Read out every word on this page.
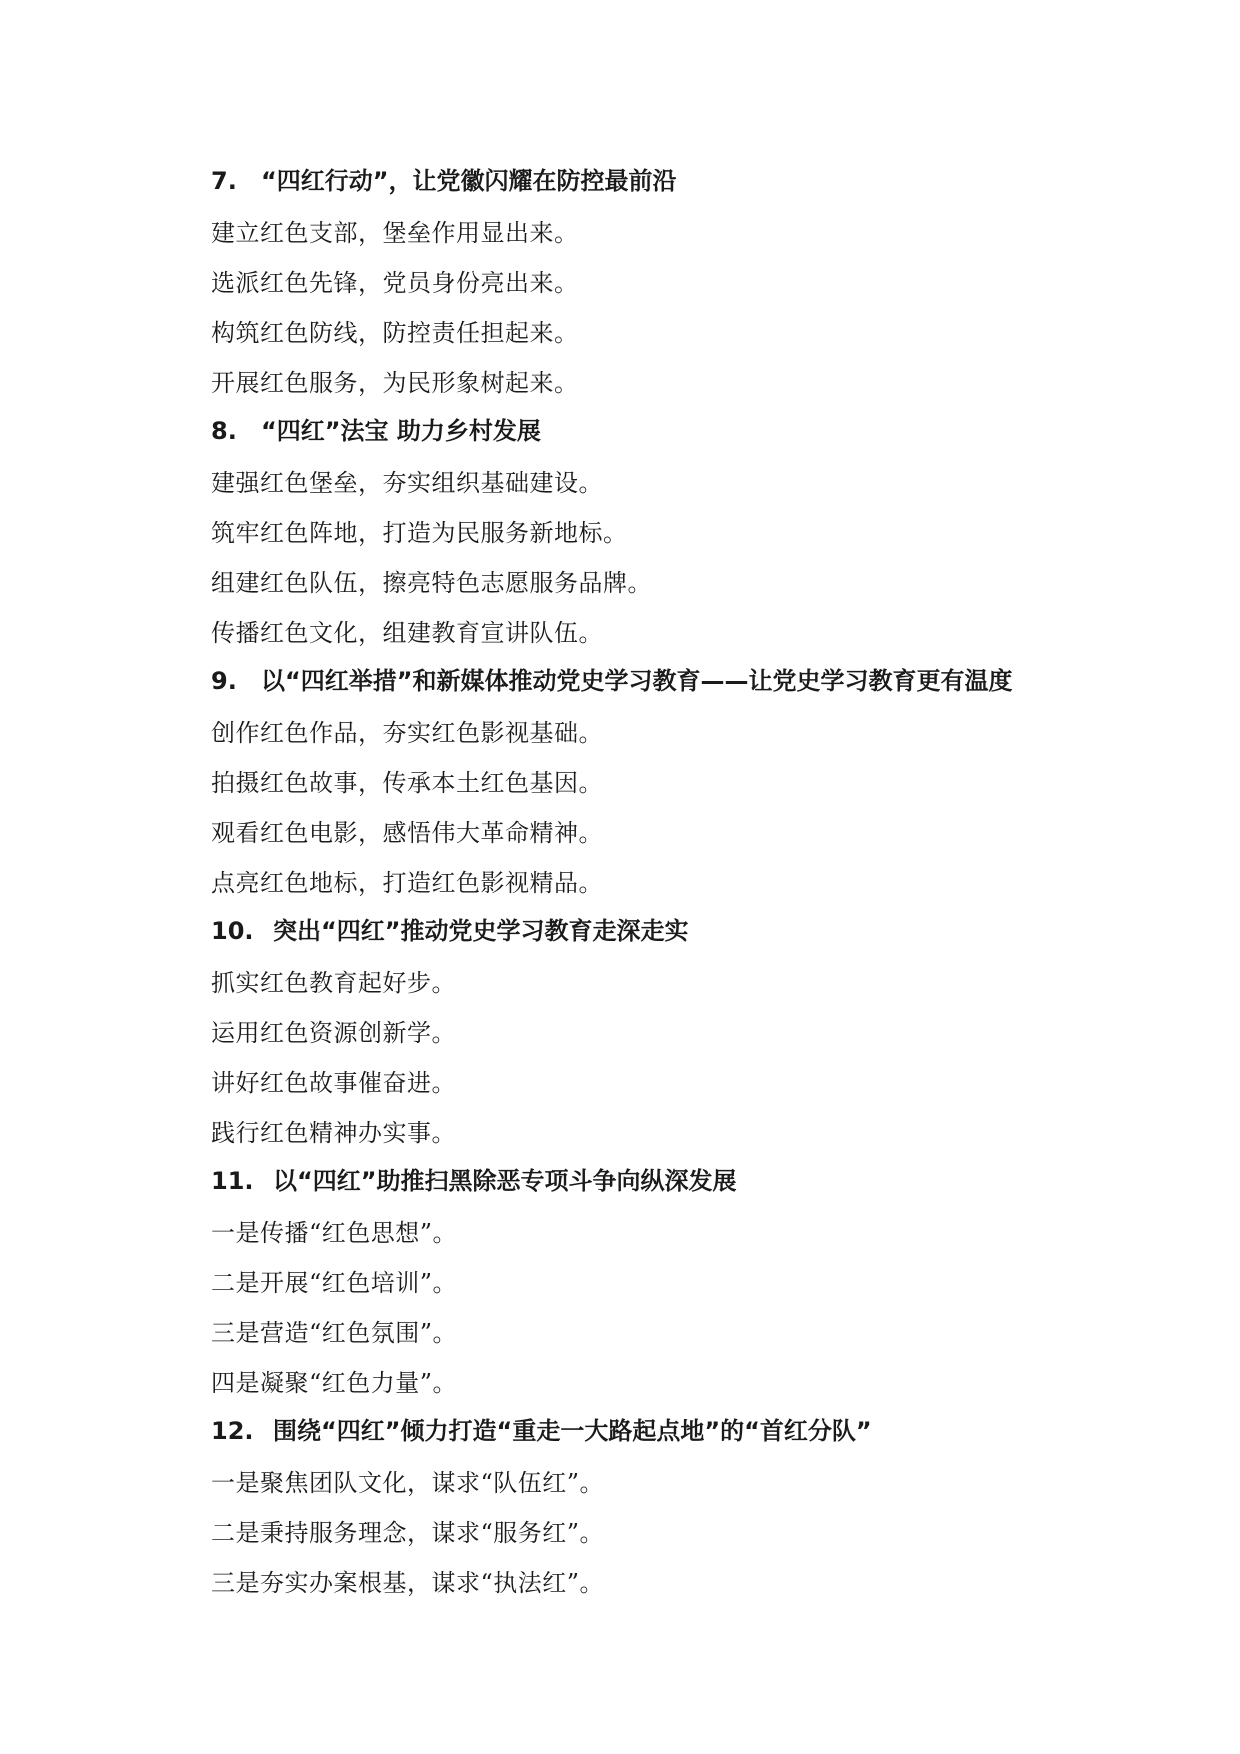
7. “四红行动”，让党徽闪耀在防控最前沿
建立红色支部，堡垒作用显出来。
选派红色先锋，党员身份亮出来。
构筑红色防线，防控责任担起来。
开展红色服务，为民形象树起来。
8. “四红”法宝 助力乡村发展
建强红色堡垒，夯实组织基础建设。
筑牢红色阵地，打造为民服务新地标。
组建红色队伍，擦亮特色志愿服务品牌。
传播红色文化，组建教育宣讲队伍。
9. 以“四红举措”和新媒体推动党史学习教育——让党史学习教育更有温度
创作红色作品，夯实红色影视基础。
拍摄红色故事，传承本土红色基因。
观看红色电影，感悟伟大革命精神。
点亮红色地标，打造红色影视精品。
10. 突出“四红”推动党史学习教育走深走实
抓实红色教育起好步。
运用红色资源创新学。
讲好红色故事催奋进。
践行红色精神办实事。
11. 以“四红”助推扫黑除恶专项斗争向纵深发展
一是传播“红色思想”。
二是开展“红色培训”。
三是营造“红色氛围”。
四是凝聚“红色力量”。
12. 围绕“四红”倾力打造“重走一大路起点地”的“首红分队”
一是聚焦团队文化，谋求“队伍红”。
二是秉持服务理念，谋求“服务红”。
三是夯实办案根基，谋求“执法红”。
